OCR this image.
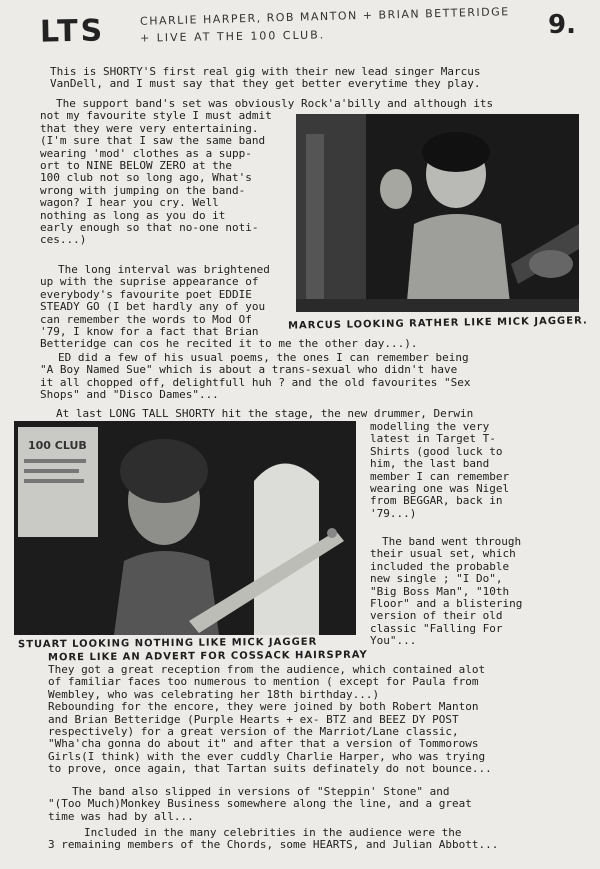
LTS	CHARLIE HARPER, ROB MANTON + BRIAN BETTERIDGE
+ LIVE AT THE 100 CLUB.	9.
This is SHORTY'S first real gig with their new lead singer Marcus
VanDell, and I must say that they get better everytime they play.
The support band's set was obviously Rock'a'billy and although its
not my favourite style I must admit
that they were very entertaining.
(I'm sure that I saw the same band
wearing 'mod' clothes as a supp-
ort to NINE BELOW ZERO at the
100 club not so long ago, What's
wrong with jumping on the band-
wagon? I hear you cry. Well
nothing as long as you do it
early enough so that no-one noti-
ces...)
MARCUS LOOKING RATHER LIKE MICK JAGGER.
The long interval was brightened
up with the suprise appearance of
everybody's favourite poet EDDIE
STEADY GO (I bet hardly any of you
can remember the words to Mod Of
'79, I know for a fact that Brian
Betteridge can cos he recited it to me the other day...).
ED did a few of his usual poems, the ones I can remember being
"A Boy Named Sue" which is about a trans-sexual who didn't have
it all chopped off, delightfull huh ? and the old favourites "Sex
Shops" and "Disco Dames"...
At last LONG TALL SHORTY hit the stage, the new drummer, Derwin
100 CLUB
modelling the very
latest in Target T-
Shirts (good luck to
him, the last band
member I can remember
wearing one was Nigel
from BEGGAR, back in
'79...)
The band went through
their usual set, which
included the probable
new single ; "I Do",
"Big Boss Man", "10th
Floor" and a blistering
version of their old
classic "Falling For
You"...
STUART LOOKING NOTHING LIKE MICK JAGGER
MORE LIKE AN ADVERT FOR COSSACK HAIRSPRAY
They got a great reception from the audience, which contained alot
of familiar faces too numerous to mention ( except for Paula from
Wembley, who was celebrating her 18th birthday...)
Rebounding for the encore, they were joined by both Robert Manton
and Brian Betteridge (Purple Hearts + ex- BTZ and BEEZ DY POST
respectively) for a great version of the Marriot/Lane classic,
"Wha'cha gonna do about it" and after that a version of Tommorows
Girls(I think) with the ever cuddly Charlie Harper, who was trying
to prove, once again, that Tartan suits definately do not bounce...
The band also slipped in versions of "Steppin' Stone" and
"(Too Much)Monkey Business somewhere along the line, and a great
time was had by all...
Included in the many celebrities in the audience were the
3 remaining members of the Chords, some HEARTS, and Julian Abbott...
